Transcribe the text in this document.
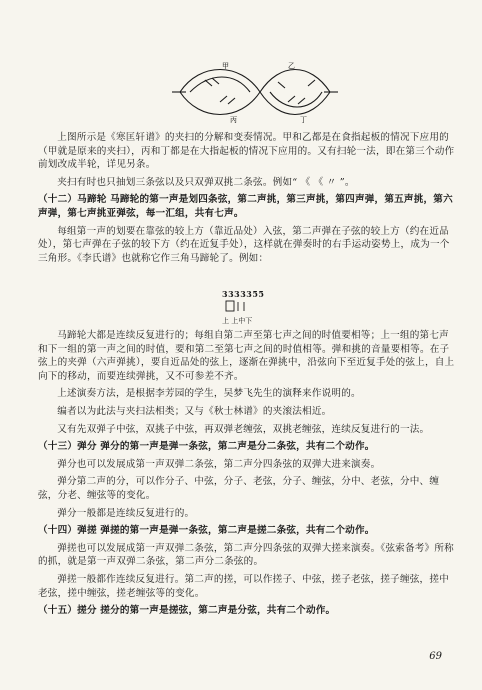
甲	乙
丙	丁

上图所示是《寒匡轩谱》的夹扫的分解和变奏情况。甲和乙都是在食指起板的情况下应用的（甲就是原来的夹扫），丙和丁都是在大指起板的情况下应用的。又有扫轮一法，即在第三个动作前划改成半轮，详见另条。

夹扫有时也只抽划三条弦以及只双弹双挑二条弦。例如“ 《 《 〃 ”。

（十二）马蹄轮 马蹄轮的第一声是划四条弦，第二声挑，第三声挑，第四声弹，第五声挑，第六声弹，第七声挑亚弹弦，每一汇组，共有七声。

每组第一声的划要在靠弦的较上方（靠近品处）入弦，第二声弹在子弦的较上方（约在近品处），第七声弹在子弦的较下方（约在近复手处），这样就在弹奏时的右手运动姿势上，成为一个三角形。《李氏谱》也就称它作三角马蹄轮了。例如：

3333355
上 上中下

马蹄轮大都是连续反复进行的；每组自第二声至第七声之间的时值要相等；上一组的第七声和下一组的第一声之间的时值，要和第二至第七声之间的时值相等。弹和挑的音量要相等。在子弦上的夹弹（六声弹挑），要自近品处的弦上，逐渐在弹挑中，沿弦向下至近复手处的弦上，自上向下的移动，而要连续弹挑，又不可参差不齐。

上述演奏方法，是根据李芳园的学生，吴梦飞先生的演释来作说明的。

编者以为此法与夹扫法相类；又与《秋士林谱》的夹滚法相近。

又有先双弹子中弦，双挑子中弦，再双弹老缠弦，双挑老缠弦，连续反复进行的一法。

（十三）弹分 弹分的第一声是弹一条弦，第二声是分二条弦，共有二个动作。

弹分也可以发展成第一声双弹二条弦，第二声分四条弦的双弹大进来演奏。

弹分第二声的分，可以作分子、中弦，分子、老弦，分子、缠弦，分中、老弦，分中、缠弦，分老、缠弦等的变化。

弹分一般都是连续反复进行的。

（十四）弹搓 弹搓的第一声是弹一条弦，第二声是搓二条弦，共有二个动作。

弹搓也可以发展成第一声双弹二条弦，第二声分四条弦的双弹大搓来演奏。《弦索备考》所称的抓，就是第一声双弹二条弦，第二声分二条弦的。

弹搓一般都作连续反复进行。第二声的搓，可以作搓子、中弦，搓子老弦，搓子缠弦，搓中老弦，搓中缠弦，搓老缠弦等的变化。

（十五）搓分 搓分的第一声是搓弦，第二声是分弦，共有二个动作。

69
